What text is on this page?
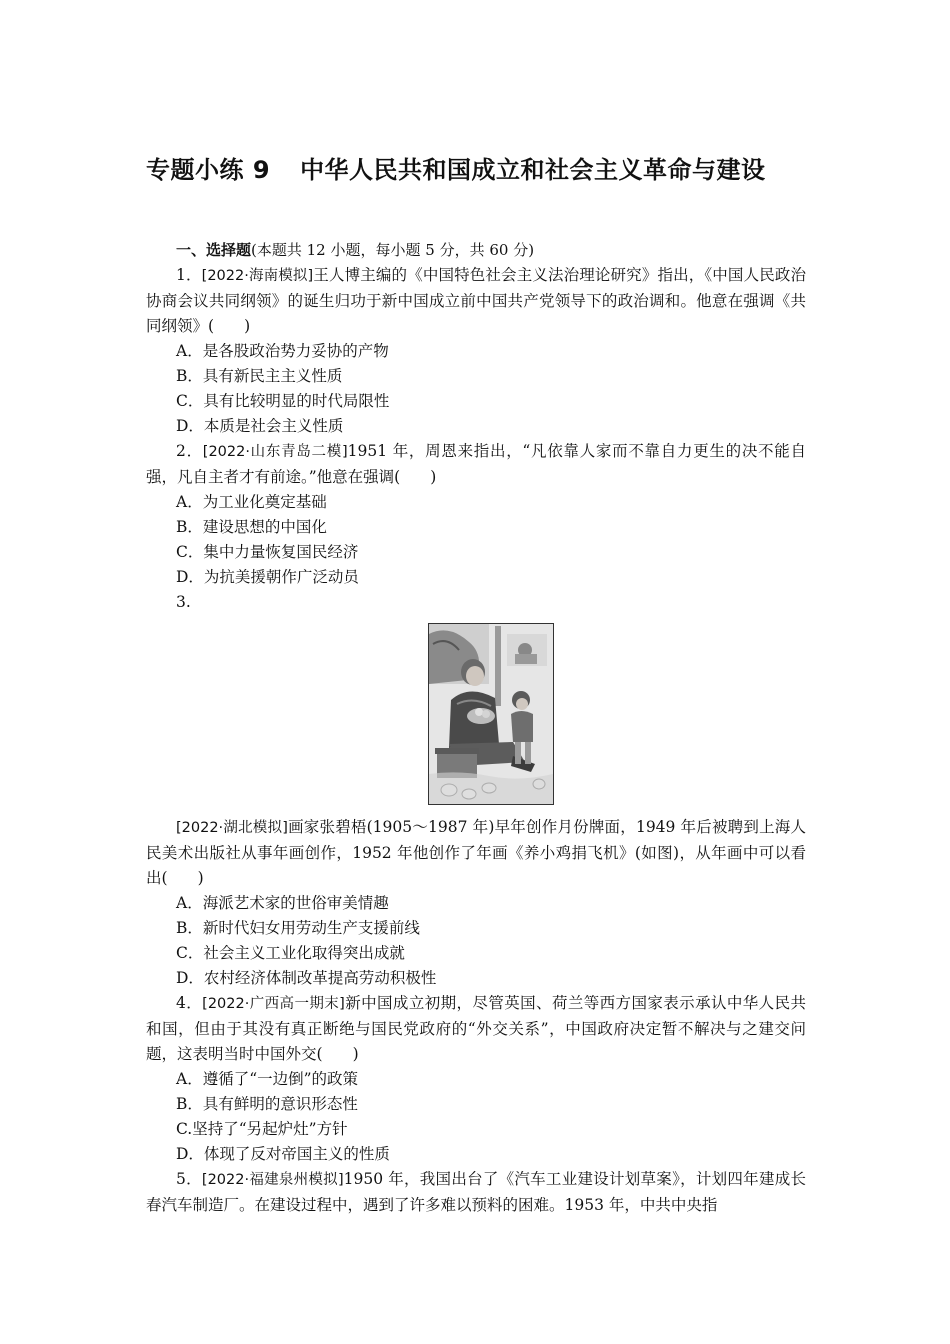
专题小练 9 中华人民共和国成立和社会主义革命与建设
一、选择题(本题共 12 小题，每小题 5 分，共 60 分)

1．[2022·海南模拟]王人博主编的《中国特色社会主义法治理论研究》指出，《中国人民政治协商会议共同纲领》的诞生归功于新中国成立前中国共产党领导下的政治调和。他意在强调《共同纲领》( )

A．是各股政治势力妥协的产物

B．具有新民主主义性质

C．具有比较明显的时代局限性

D．本质是社会主义性质

2．[2022·山东青岛二模]1951 年，周恩来指出，“凡依靠人家而不靠自力更生的决不能自强，凡自主者才有前途。”他意在强调( )

A．为工业化奠定基础

B．建设思想的中国化

C．集中力量恢复国民经济

D．为抗美援朝作广泛动员

3.

[2022·湖北模拟]画家张碧梧(1905～1987 年)早年创作月份牌面，1949 年后被聘到上海人民美术出版社从事年画创作，1952 年他创作了年画《养小鸡捐飞机》(如图)，从年画中可以看出( )

A．海派艺术家的世俗审美情趣

B．新时代妇女用劳动生产支援前线

C．社会主义工业化取得突出成就

D．农村经济体制改革提高劳动积极性

4．[2022·广西高一期末]新中国成立初期，尽管英国、荷兰等西方国家表示承认中华人民共和国，但由于其没有真正断绝与国民党政府的“外交关系”，中国政府决定暂不解决与之建交问题，这表明当时中国外交( )

A．遵循了“一边倒”的政策

B．具有鲜明的意识形态性

C.坚持了“另起炉灶”方针

D．体现了反对帝国主义的性质

5．[2022·福建泉州模拟]1950 年，我国出台了《汽车工业建设计划草案》，计划四年建成长春汽车制造厂。在建设过程中，遇到了许多难以预料的困难。1953 年，中共中央指
